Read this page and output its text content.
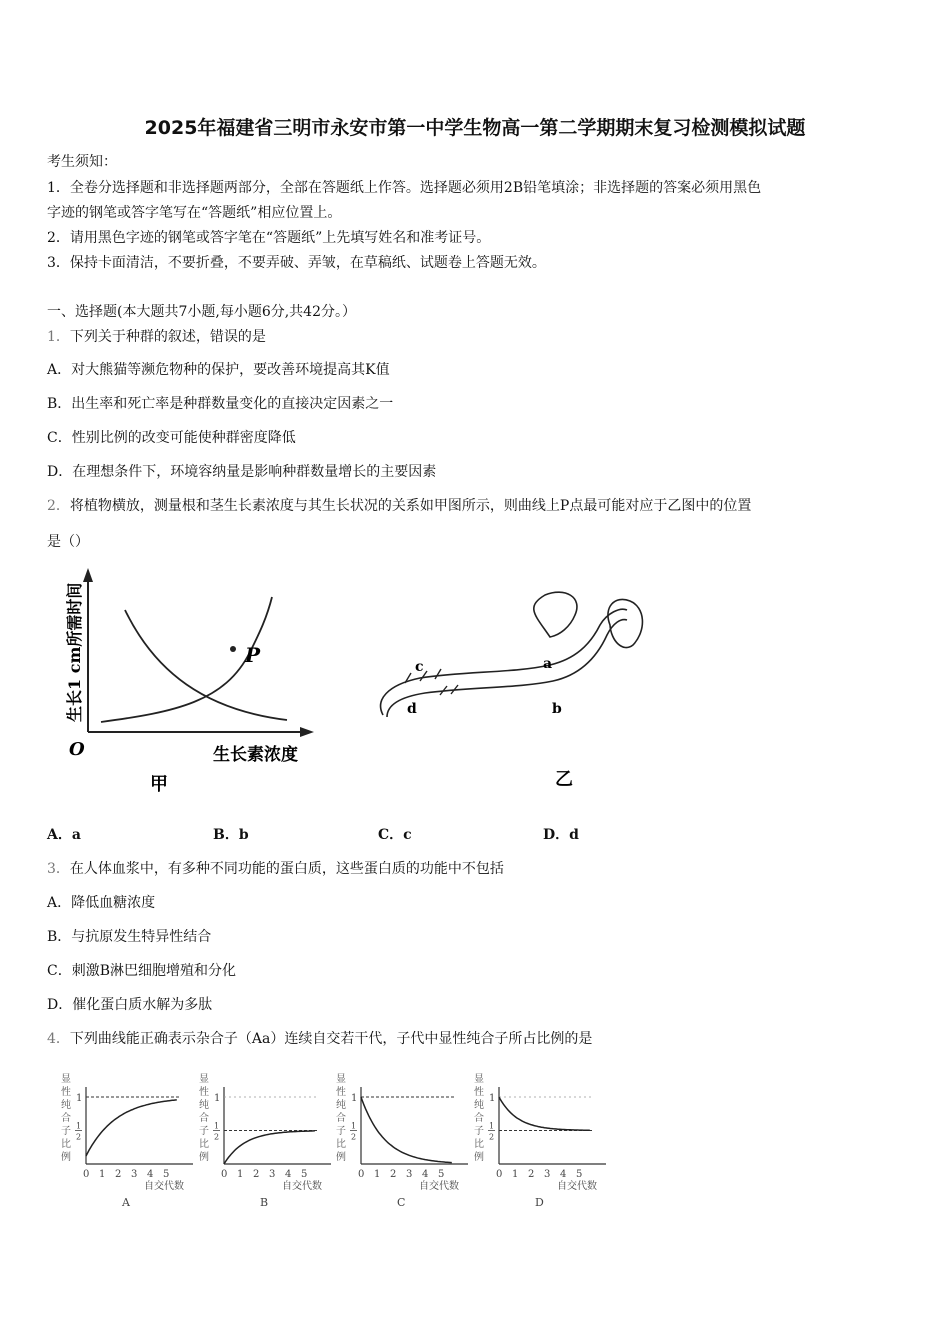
2025年福建省三明市永安市第一中学生物高一第二学期期末复习检测模拟试题
考生须知：
1．全卷分选择题和非选择题两部分，全部在答题纸上作答。选择题必须用2B铅笔填涂；非选择题的答案必须用黑色
字迹的钢笔或答字笔写在“答题纸”相应位置上。
2．请用黑色字迹的钢笔或答字笔在“答题纸”上先填写姓名和准考证号。
3．保持卡面清洁，不要折叠，不要弄破、弄皱，在草稿纸、试题卷上答题无效。
一、选择题(本大题共7小题,每小题6分,共42分。）
1．下列关于种群的叙述，错误的是
A．对大熊猫等濒危物种的保护，要改善环境提高其K值
B．出生率和死亡率是种群数量变化的直接决定因素之一
C．性别比例的改变可能使种群密度降低
D．在理想条件下，环境容纳量是影响种群数量增长的主要因素
2．将植物横放，测量根和茎生长素浓度与其生长状况的关系如甲图所示，则曲线上P点最可能对应于乙图中的位置
是（）
P
O	生长素浓度
生长1 cm所需时间
甲
a
b
c
d
乙
A．a	B．b	C．c	D．d
3．在人体血浆中，有多种不同功能的蛋白质，这些蛋白质的功能中不包括
A．降低血糖浓度
B．与抗原发生特异性结合
C．刺激B淋巴细胞增殖和分化
D．催化蛋白质水解为多肽
4．下列曲线能正确表示杂合子（Aa）连续自交若干代，子代中显性纯合子所占比例的是
显
性
纯
合
子
比
例
1
1
2
0 1 2 3 4 5
自交代数
A
显
性
纯
合
子
比
例
1
1
2
0 1 2 3 4 5
自交代数
B
显
性
纯
合
子
比
例
1
1
2
0 1 2 3 4 5
自交代数
C
显
性
纯
合
子
比
例
1
1
2
0 1 2 3 4 5
自交代数
D
